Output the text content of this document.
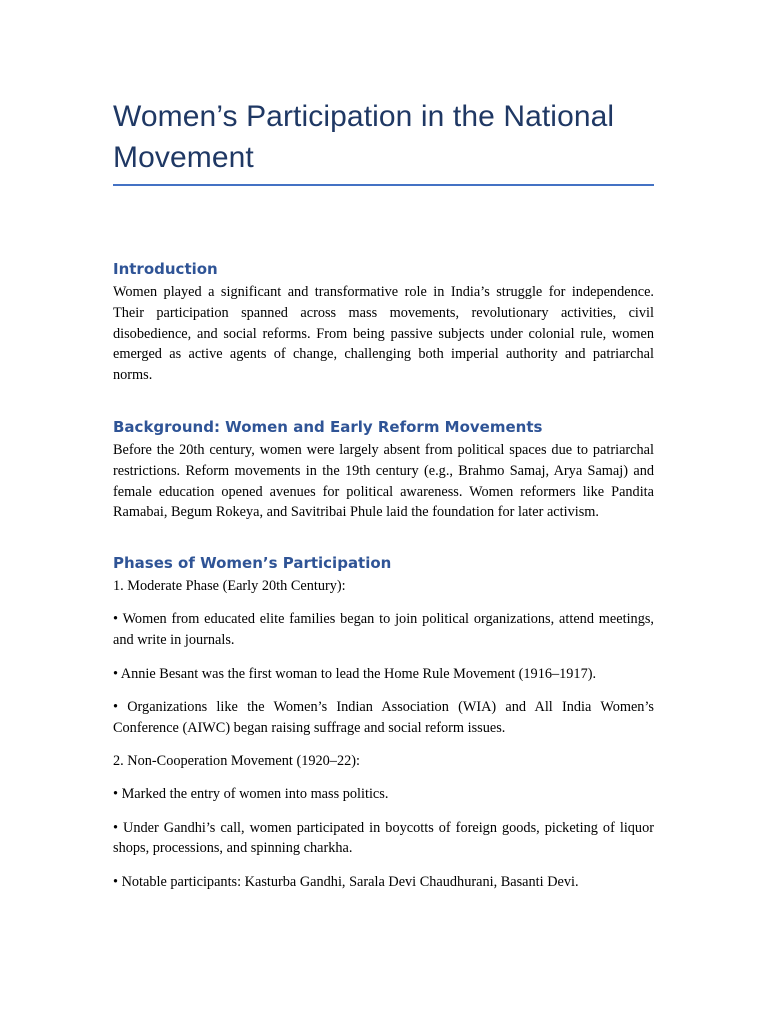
Women’s Participation in the National Movement
Introduction

Women played a significant and transformative role in India’s struggle for independence. Their participation spanned across mass movements, revolutionary activities, civil disobedience, and social reforms. From being passive subjects under colonial rule, women emerged as active agents of change, challenging both imperial authority and patriarchal norms.

Background: Women and Early Reform Movements

Before the 20th century, women were largely absent from political spaces due to patriarchal restrictions. Reform movements in the 19th century (e.g., Brahmo Samaj, Arya Samaj) and female education opened avenues for political awareness. Women reformers like Pandita Ramabai, Begum Rokeya, and Savitribai Phule laid the foundation for later activism.

Phases of Women’s Participation

1. Moderate Phase (Early 20th Century):

• Women from educated elite families began to join political organizations, attend meetings, and write in journals.

• Annie Besant was the first woman to lead the Home Rule Movement (1916–1917).

• Organizations like the Women’s Indian Association (WIA) and All India Women’s Conference (AIWC) began raising suffrage and social reform issues.

2. Non-Cooperation Movement (1920–22):

• Marked the entry of women into mass politics.

• Under Gandhi’s call, women participated in boycotts of foreign goods, picketing of liquor shops, processions, and spinning charkha.

• Notable participants: Kasturba Gandhi, Sarala Devi Chaudhurani, Basanti Devi.
